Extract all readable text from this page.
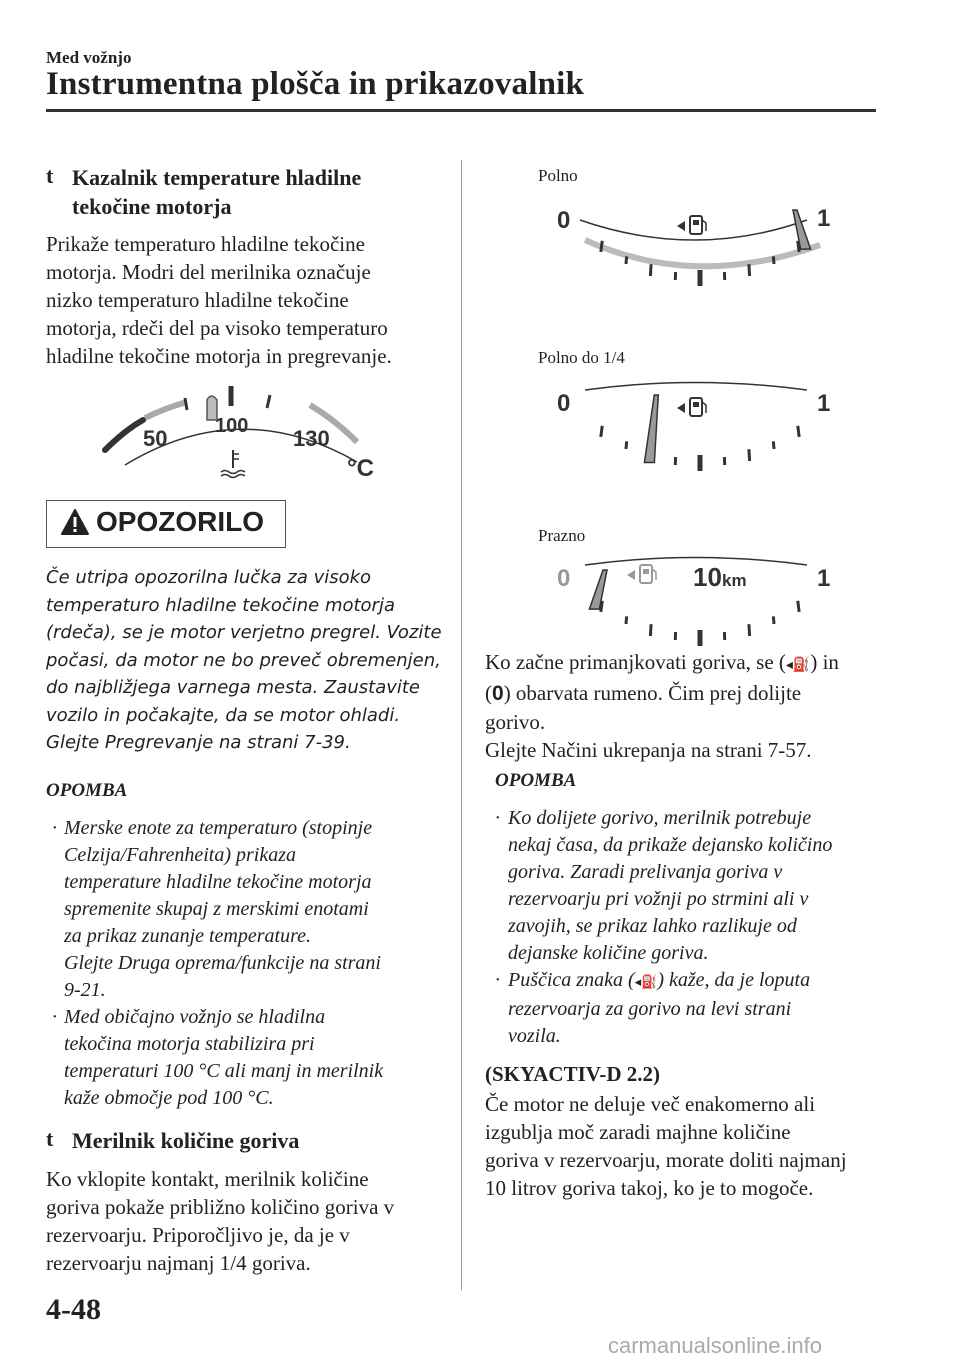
Med vožnjo
Instrumentna plošča in prikazovalnik
t Kazalnik temperature hladilne
tekočine motorja
Prikaže temperaturo hladilne tekočine
motorja. Modri del merilnika označuje
nizko temperaturo hladilne tekočine
motorja, rdeči del pa visoko temperaturo
hladilne tekočine motorja in pregrevanje.
50 100 130
°C
OPOZORILO
Če utripa opozorilna lučka za visoko
temperaturo hladilne tekočine motorja
(rdeča), se je motor verjetno pregrel. Vozite
počasi, da motor ne bo preveč obremenjen,
do najbližjega varnega mesta. Zaustavite
vozilo in počakajte, da se motor ohladi.
Glejte Pregrevanje na strani 7-39.
OPOMBA
· Merske enote za temperaturo (stopinje
Celzija/Fahrenheita) prikaza
temperature hladilne tekočine motorja
spremenite skupaj z merskimi enotami
za prikaz zunanje temperature.
Glejte Druga oprema/funkcije na strani
9-21.
· Med običajno vožnjo se hladilna
tekočina motorja stabilizira pri
temperaturi 100 °C ali manj in merilnik
kaže območje pod 100 °C.
t Merilnik količine goriva
Ko vklopite kontakt, merilnik količine
goriva pokaže približno količino goriva v
rezervoarju. Priporočljivo je, da je v
rezervoarju najmanj 1/4 goriva.
Polno
0	1
Polno do 1/4
0	1
Prazno
0	1
10 km
Ko začne primanjkovati goriva, se (◂⛽) in
(0) obarvata rumeno. Čim prej dolijte
gorivo.
Glejte Načini ukrepanja na strani 7-57.
OPOMBA
· Ko dolijete gorivo, merilnik potrebuje
nekaj časa, da prikaže dejansko količino
goriva. Zaradi prelivanja goriva v
rezervoarju pri vožnji po strmini ali v
zavojih, se prikaz lahko razlikuje od
dejanske količine goriva.
· Puščica znaka (◂⛽) kaže, da je loputa
rezervoarja za gorivo na levi strani
vozila.
(SKYACTIV-D 2.2)
Če motor ne deluje več enakomerno ali
izgublja moč zaradi majhne količine
goriva v rezervoarju, morate doliti najmanj
10 litrov goriva takoj, ko je to mogoče.
4-48
carmanualsonline.info
